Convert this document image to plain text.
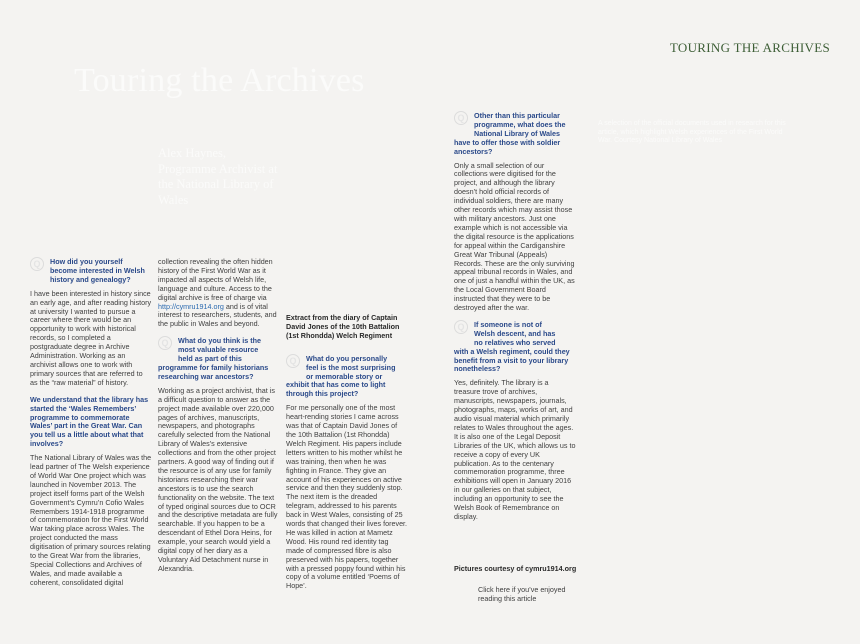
TOURING THE ARCHIVES
Touring the Archives
Alex Haynes, Programme Archivist at the National Library of Wales
A selection of the official documents used in research for this article, which highlight Welsh experiences of the First World War. Courtesy National Library of Wales
Q	How did you yourself
become interested in Welsh history and genealogy?

I have been interested in history since an early age, and after reading history at university I wanted to pursue a career where there would be an opportunity to work with historical records, so I completed a postgraduate degree in Archive Administration. Working as an archivist allows one to work with primary sources that are referred to as the “raw material” of history.

We understand that the library has started the ‘Wales Remembers’ programme to commemorate Wales’ part in the Great War. Can you tell us a little about what that involves?

The National Library of Wales was the lead partner of The Welsh experience of World War One project which was launched in November 2013. The project itself forms part of the Welsh Government’s Cymru’n Cofio Wales Remembers 1914-1918 programme of commemoration for the First World War taking place across Wales. The project conducted the mass digitisation of primary sources relating to the Great War from the libraries, Special Collections and Archives of Wales, and made available a coherent, consolidated digital

collection revealing the often hidden history of the First World War as it impacted all aspects of Welsh life, language and culture. Access to the digital archive is free of charge via http://cymru1914.org and is of vital interest to researchers, students, and the public in Wales and beyond.

Q	What do you think is the
most valuable resource
held as part of this
programme for family historians researching war ancestors?

Working as a project archivist, that is a difficult question to answer as the project made available over 220,000 pages of archives, manuscripts, newspapers, and photographs carefully selected from the National Library of Wales’s extensive collections and from the other project partners. A good way of finding out if the resource is of any use for family historians researching their war ancestors is to use the search functionality on the website. The text of typed original sources due to OCR and the descriptive metadata are fully searchable. If you happen to be a descendant of Ethel Dora Heins, for example, your search would yield a digital copy of her diary as a Voluntary Aid Detachment nurse in Alexandria.

Extract from the diary of Captain David Jones of the 10th Battalion (1st Rhondda) Welch Regiment
Q	What do you personally
feel is the most surprising
or memorable story or
exhibit that has come to light through this project?

For me personally one of the most heart-rending stories I came across was that of Captain David Jones of the 10th Battalion (1st Rhondda) Welch Regiment. His papers include letters written to his mother whilst he was training, then when he was fighting in France. They give an account of his experiences on active service and then they suddenly stop. The next item is the dreaded telegram, addressed to his parents back in West Wales, consisting of 25 words that changed their lives forever. He was killed in action at Mametz Wood. His round red identity tag made of compressed fibre is also preserved with his papers, together with a pressed poppy found within his copy of a volume entitled ‘Poems of Hope’.

Q	Other than this particular
programme, what does the
National Library of Wales
have to offer those with soldier ancestors?

Only a small selection of our collections were digitised for the project, and although the library doesn’t hold official records of individual soldiers, there are many other records which may assist those with military ancestors. Just one example which is not accessible via the digital resource is the applications for appeal within the Cardiganshire Great War Tribunal (Appeals) Records. These are the only surviving appeal tribunal records in Wales, and one of just a handful within the UK, as the Local Government Board instructed that they were to be destroyed after the war.

Q	If someone is not of
Welsh descent, and has
no relatives who served
with a Welsh regiment, could they benefit from a visit to your library nonetheless?

Yes, definitely. The library is a treasure trove of archives, manuscripts, newspapers, journals, photographs, maps, works of art, and audio visual material which primarily relates to Wales throughout the ages. It is also one of the Legal Deposit Libraries of the UK, which allows us to receive a copy of every UK publication. As to the centenary commemoration programme, three exhibitions will open in January 2016 in our galleries on that subject, including an opportunity to see the Welsh Book of Remembrance on display.

Pictures courtesy of cymru1914.org
Click here if you’ve enjoyed reading this article
